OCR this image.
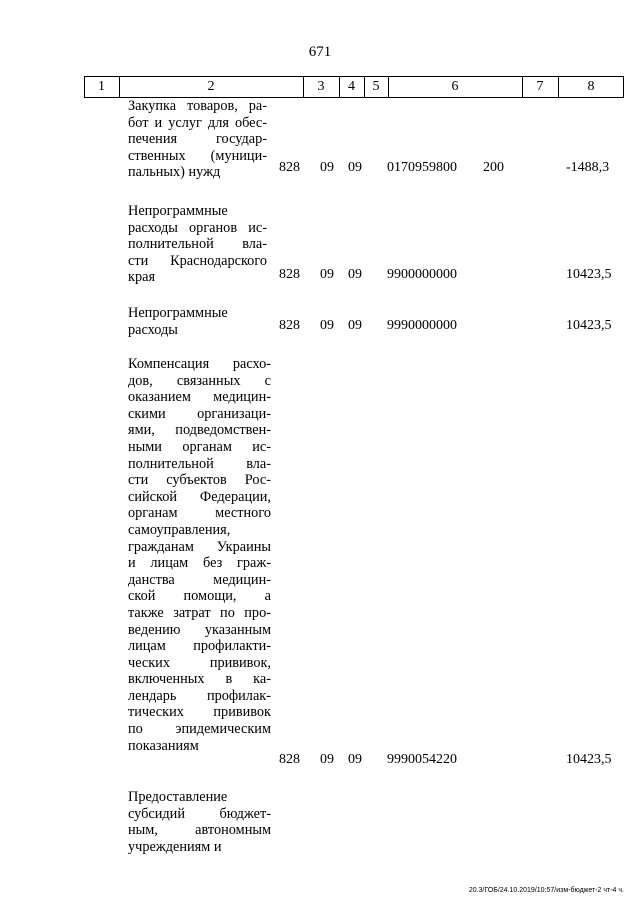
671
1	2	3	4	5	6	7	8
Закупка товаров, ра-
бот и услуг для обес-
печения государ-
ственных (муници-
пальных) нужд	828 09 09 0170959800 200	-1488,3
Непрограммные
расходы органов ис-
полнительной вла-
сти Краснодарского
края	828 09 09 9900000000	10423,5
Непрограммные
расходы	828 09 09 9990000000	10423,5
Компенсация расхо-
дов, связанных с
оказанием медицин-
скими организаци-
ями, подведомствен-
ными органам ис-
полнительной вла-
сти субъектов Рос-
сийской Федерации,
органам местного
самоуправления,
гражданам Украины
и лицам без граж-
данства медицин-
ской помощи, а
также затрат по про-
ведению указанным
лицам профилакти-
ческих прививок,
включенных в ка-
лендарь профилак-
тических прививок
по эпидемическим
показаниям
828 09 09 9990054220	10423,5
Предоставление
субсидий бюджет-
ным, автономным
учреждениям и
20.3/ГОБ/24.10.2019/10:57/изм-бюджет-2 чт-4 ч.
